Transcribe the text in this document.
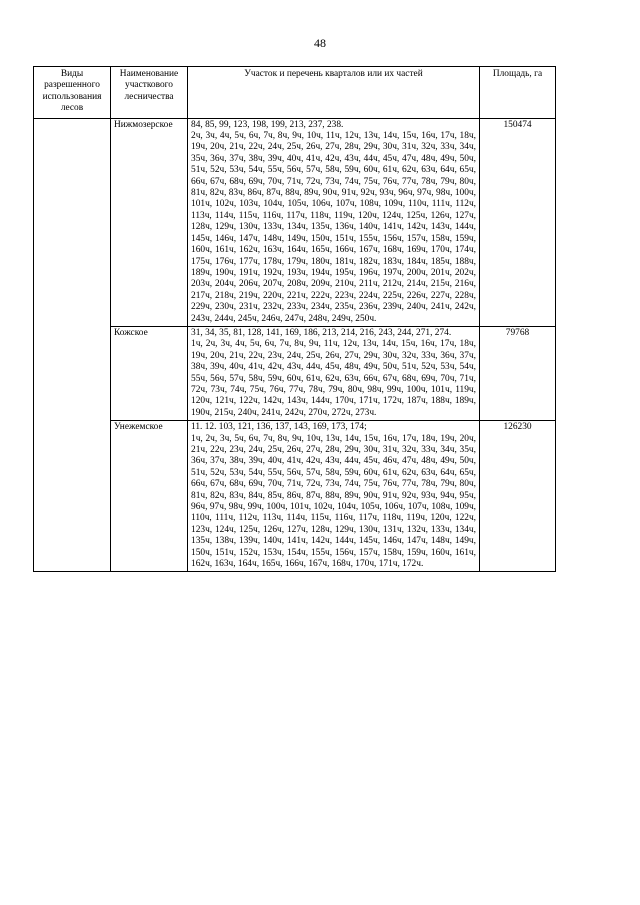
48
Виды разрешенного использования лесов	Наименование участкового лесничества	Участок и перечень кварталов или их частей	Площадь, га
	Нижмозерское	84, 85, 99, 123, 198, 199, 213, 237, 238.
2ч, 3ч, 4ч, 5ч, 6ч, 7ч, 8ч, 9ч, 10ч, 11ч, 12ч, 13ч, 14ч, 15ч, 16ч, 17ч, 18ч, 19ч, 20ч, 21ч, 22ч, 24ч, 25ч, 26ч, 27ч, 28ч, 29ч, 30ч, 31ч, 32ч, 33ч, 34ч, 35ч, 36ч, 37ч, 38ч, 39ч, 40ч, 41ч, 42ч, 43ч, 44ч, 45ч, 47ч, 48ч, 49ч, 50ч, 51ч, 52ч, 53ч, 54ч, 55ч, 56ч, 57ч, 58ч, 59ч, 60ч, 61ч, 62ч, 63ч, 64ч, 65ч, 66ч, 67ч, 68ч, 69ч, 70ч, 71ч, 72ч, 73ч, 74ч, 75ч, 76ч, 77ч, 78ч, 79ч, 80ч, 81ч, 82ч, 83ч, 86ч, 87ч, 88ч, 89ч, 90ч, 91ч, 92ч, 93ч, 96ч, 97ч, 98ч, 100ч, 101ч, 102ч, 103ч, 104ч, 105ч, 106ч, 107ч, 108ч, 109ч, 110ч, 111ч, 112ч, 113ч, 114ч, 115ч, 116ч, 117ч, 118ч, 119ч, 120ч, 124ч, 125ч, 126ч, 127ч, 128ч, 129ч, 130ч, 133ч, 134ч, 135ч, 136ч, 140ч, 141ч, 142ч, 143ч, 144ч, 145ч, 146ч, 147ч, 148ч, 149ч, 150ч, 151ч, 155ч, 156ч, 157ч, 158ч, 159ч, 160ч, 161ч, 162ч, 163ч, 164ч, 165ч, 166ч, 167ч, 168ч, 169ч, 170ч, 174ч, 175ч, 176ч, 177ч, 178ч, 179ч, 180ч, 181ч, 182ч, 183ч, 184ч, 185ч, 188ч, 189ч, 190ч, 191ч, 192ч, 193ч, 194ч, 195ч, 196ч, 197ч, 200ч, 201ч, 202ч, 203ч, 204ч, 206ч, 207ч, 208ч, 209ч, 210ч, 211ч, 212ч, 214ч, 215ч, 216ч, 217ч, 218ч, 219ч, 220ч, 221ч, 222ч, 223ч, 224ч, 225ч, 226ч, 227ч, 228ч, 229ч, 230ч, 231ч, 232ч, 233ч, 234ч, 235ч, 236ч, 239ч, 240ч, 241ч, 242ч, 243ч, 244ч, 245ч, 246ч, 247ч, 248ч, 249ч, 250ч.	150474
	Кожское	31, 34, 35, 81, 128, 141, 169, 186, 213, 214, 216, 243, 244, 271, 274.
1ч, 2ч, 3ч, 4ч, 5ч, 6ч, 7ч, 8ч, 9ч, 11ч, 12ч, 13ч, 14ч, 15ч, 16ч, 17ч, 18ч, 19ч, 20ч, 21ч, 22ч, 23ч, 24ч, 25ч, 26ч, 27ч, 29ч, 30ч, 32ч, 33ч, 36ч, 37ч, 38ч, 39ч, 40ч, 41ч, 42ч, 43ч, 44ч, 45ч, 48ч, 49ч, 50ч, 51ч, 52ч, 53ч, 54ч, 55ч, 56ч, 57ч, 58ч, 59ч, 60ч, 61ч, 62ч, 63ч, 66ч, 67ч, 68ч, 69ч, 70ч, 71ч, 72ч, 73ч, 74ч, 75ч, 76ч, 77ч, 78ч, 79ч, 80ч, 98ч, 99ч, 100ч, 101ч, 119ч, 120ч, 121ч, 122ч, 142ч, 143ч, 144ч, 170ч, 171ч, 172ч, 187ч, 188ч, 189ч, 190ч, 215ч, 240ч, 241ч, 242ч, 270ч, 272ч, 273ч.	79768
	Унежемское	11. 12. 103, 121, 136, 137, 143, 169, 173, 174;
1ч, 2ч, 3ч, 5ч, 6ч, 7ч, 8ч, 9ч, 10ч, 13ч, 14ч, 15ч, 16ч, 17ч, 18ч, 19ч, 20ч, 21ч, 22ч, 23ч, 24ч, 25ч, 26ч, 27ч, 28ч, 29ч, 30ч, 31ч, 32ч, 33ч, 34ч, 35ч, 36ч, 37ч, 38ч, 39ч, 40ч, 41ч, 42ч, 43ч, 44ч, 45ч, 46ч, 47ч, 48ч, 49ч, 50ч, 51ч, 52ч, 53ч, 54ч, 55ч, 56ч, 57ч, 58ч, 59ч, 60ч, 61ч, 62ч, 63ч, 64ч, 65ч, 66ч, 67ч, 68ч, 69ч, 70ч, 71ч, 72ч, 73ч, 74ч, 75ч, 76ч, 77ч, 78ч, 79ч, 80ч, 81ч, 82ч, 83ч, 84ч, 85ч, 86ч, 87ч, 88ч, 89ч, 90ч, 91ч, 92ч, 93ч, 94ч, 95ч, 96ч, 97ч, 98ч, 99ч, 100ч, 101ч, 102ч, 104ч, 105ч, 106ч, 107ч, 108ч, 109ч, 110ч, 111ч, 112ч, 113ч, 114ч, 115ч, 116ч, 117ч, 118ч, 119ч, 120ч, 122ч, 123ч, 124ч, 125ч, 126ч, 127ч, 128ч, 129ч, 130ч, 131ч, 132ч, 133ч, 134ч, 135ч, 138ч, 139ч, 140ч, 141ч, 142ч, 144ч, 145ч, 146ч, 147ч, 148ч, 149ч, 150ч, 151ч, 152ч, 153ч, 154ч, 155ч, 156ч, 157ч, 158ч, 159ч, 160ч, 161ч, 162ч, 163ч, 164ч, 165ч, 166ч, 167ч, 168ч, 170ч, 171ч, 172ч.	126230
